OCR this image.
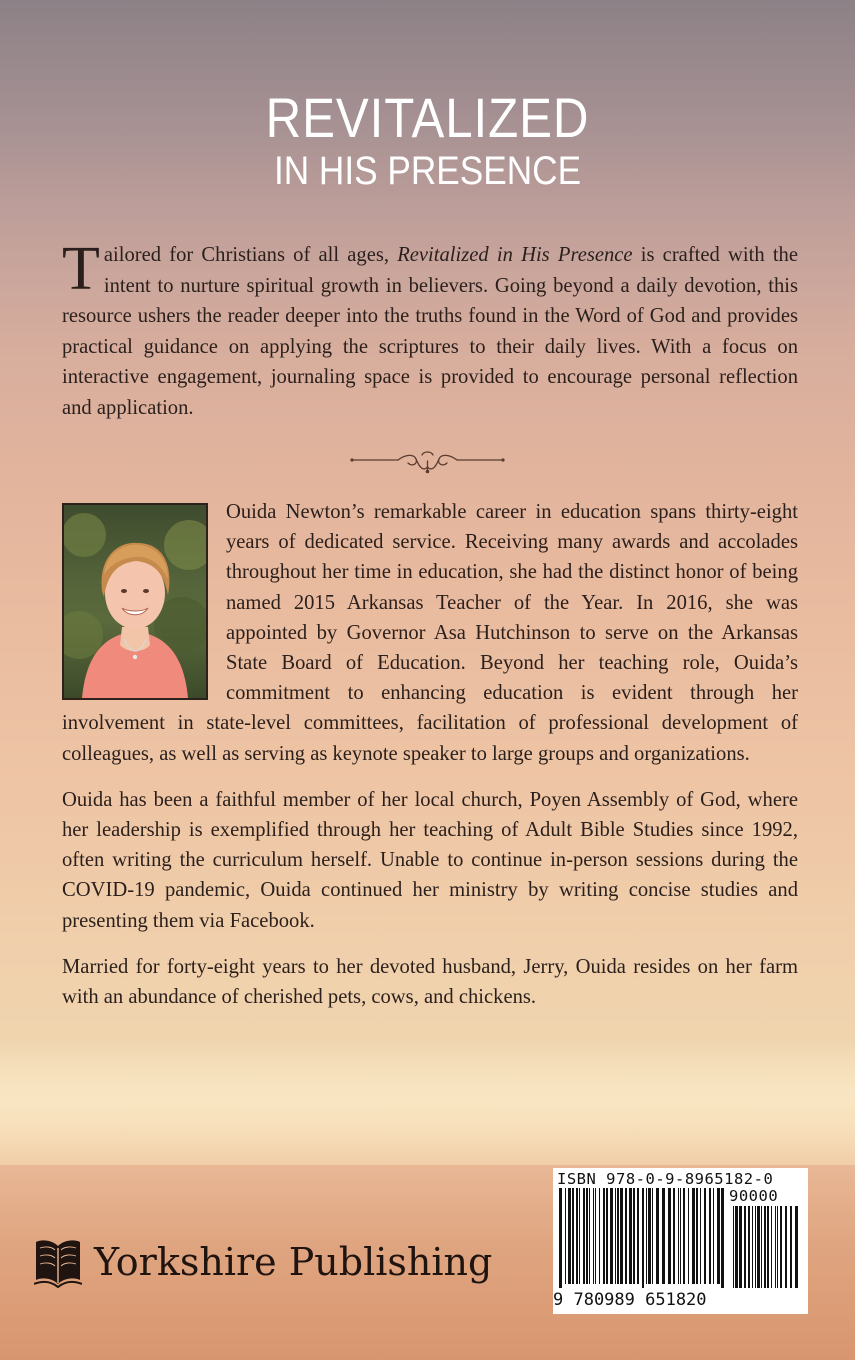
REVITALIZED
IN HIS PRESENCE
Tailored for Christians of all ages, Revitalized in His Presence is crafted with the intent to nurture spiritual growth in believers. Going beyond a daily devotion, this resource ushers the reader deeper into the truths found in the Word of God and provides practical guidance on applying the scriptures to their daily lives. With a focus on interactive engagement, journaling space is provided to encourage personal reflection and application.

Ouida Newton’s remarkable career in education spans thirty-eight years of dedicated service. Receiving many awards and accolades throughout her time in education, she had the distinct honor of being named 2015 Arkansas Teacher of the Year. In 2016, she was appointed by Governor Asa Hutchinson to serve on the Arkansas State Board of Education. Beyond her teaching role, Ouida’s commitment to enhancing education is evident through her involvement in state-level committees, facilitation of professional development of colleagues, as well as serving as keynote speaker to large groups and organizations.

Ouida has been a faithful member of her local church, Poyen Assembly of God, where her leadership is exemplified through her teaching of Adult Bible Studies since 1992, often writing the curriculum herself. Unable to continue in-person sessions during the COVID-19 pandemic, Ouida continued her ministry by writing concise studies and presenting them via Facebook.

Married for forty-eight years to her devoted husband, Jerry, Ouida resides on her farm with an abundance of cherished pets, cows, and chickens.

Yorkshire Publishing
ISBN 978-0-9-8965182-0
90000
9 780989 651820
